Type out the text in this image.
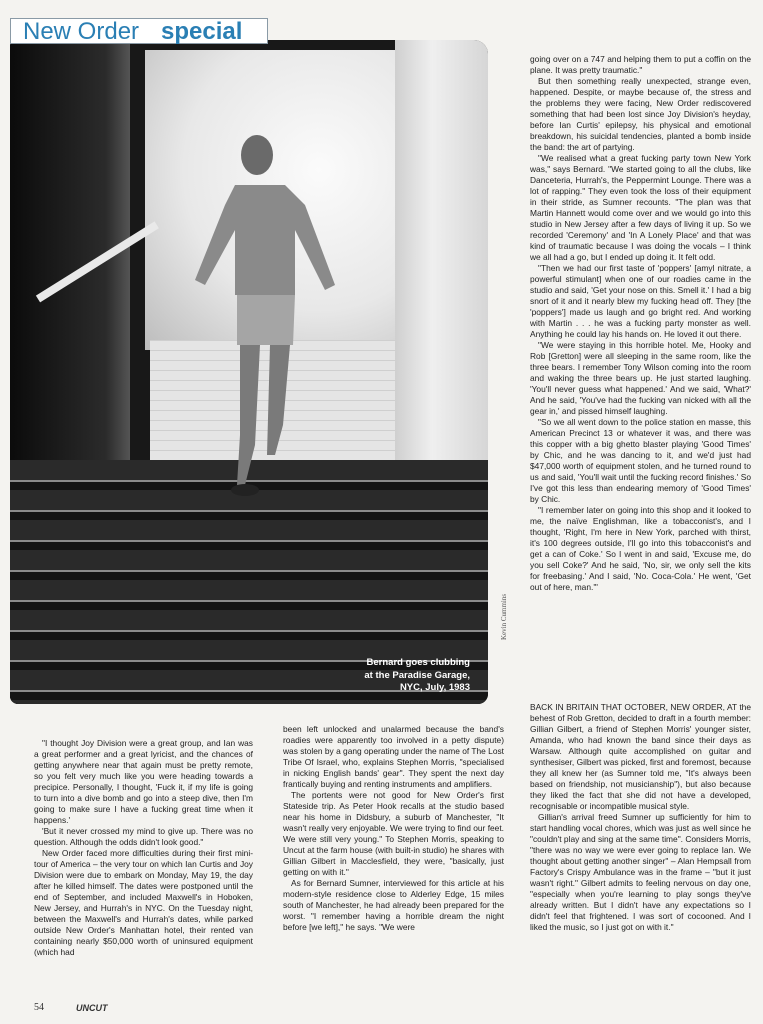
Bernard goes clubbing
at the Paradise Garage,
NYC, July, 1983
New Order special
Kevin Cummins

going over on a 747 and helping them to put a coffin on the plane. It was pretty traumatic."

But then something really unexpected, strange even, happened. Despite, or maybe because of, the stress and the problems they were facing, New Order rediscovered something that had been lost since Joy Division's heyday, before Ian Curtis' epilepsy, his physical and emotional breakdown, his suicidal tendencies, planted a bomb inside the band: the art of partying.

"We realised what a great fucking party town New York was," says Bernard. "We started going to all the clubs, like Danceteria, Hurrah's, the Peppermint Lounge. There was a lot of rapping." They even took the loss of their equipment in their stride, as Sumner recounts. "The plan was that Martin Hannett would come over and we would go into this studio in New Jersey after a few days of living it up. So we recorded 'Ceremony' and 'In A Lonely Place' and that was kind of traumatic because I was doing the vocals – I think we all had a go, but I ended up doing it. It felt odd.

"Then we had our first taste of 'poppers' [amyl nitrate, a powerful stimulant] when one of our roadies came in the studio and said, 'Get your nose on this. Smell it.' I had a big snort of it and it nearly blew my fucking head off. They [the 'poppers'] made us laugh and go bright red. And working with Martin . . . he was a fucking party monster as well. Anything he could lay his hands on. He loved it out there.

"We were staying in this horrible hotel. Me, Hooky and Rob [Gretton] were all sleeping in the same room, like the three bears. I remember Tony Wilson coming into the room and waking the three bears up. He just started laughing. 'You'll never guess what happened.' And we said, 'What?' And he said, 'You've had the fucking van nicked with all the gear in,' and pissed himself laughing.

"So we all went down to the police station en masse, this American Precinct 13 or whatever it was, and there was this copper with a big ghetto blaster playing 'Good Times' by Chic, and he was dancing to it, and we'd just had $47,000 worth of equipment stolen, and he turned round to us and said, 'You'll wait until the fucking record finishes.' So I've got this less than endearing memory of 'Good Times' by Chic.

"I remember later on going into this shop and it looked to me, the naïve Englishman, like a tobacconist's, and I thought, 'Right, I'm here in New York, parched with thirst, it's 100 degrees outside, I'll go into this tobacconist's and get a can of Coke.' So I went in and said, 'Excuse me, do you sell Coke?' And he said, 'No, sir, we only sell the kits for freebasing.' And I said, 'No. Coca-Cola.' He went, 'Get out of here, man.'"

BACK IN BRITAIN THAT OCTOBER, NEW ORDER, AT the behest of Rob Gretton, decided to draft in a fourth member: Gillian Gilbert, a friend of Stephen Morris' younger sister, Amanda, who had known the band since their days as Warsaw. Although quite accomplished on guitar and synthesiser, Gilbert was picked, first and foremost, because they all knew her (as Sumner told me, "It's always been based on friendship, not musicianship"), but also because they liked the fact that she did not have a developed, recognisable or incompatible musical style.

Gillian's arrival freed Sumner up sufficiently for him to start handling vocal chores, which was just as well since he "couldn't play and sing at the same time". Considers Morris, "there was no way we were ever going to replace Ian. We thought about getting another singer" – Alan Hempsall from Factory's Crispy Ambulance was in the frame – "but it just wasn't right." Gilbert admits to feeling nervous on day one, "especially when you're learning to play songs they've already written. But I didn't have any expectations so I didn't feel that frightened. I was sort of cocooned. And I liked the music, so I just got on with it."

"I thought Joy Division were a great group, and Ian was a great performer and a great lyricist, and the chances of getting anywhere near that again must be pretty remote, so you felt very much like you were heading towards a precipice. Personally, I thought, 'Fuck it, if my life is going to turn into a dive bomb and go into a steep dive, then I'm going to make sure I have a fucking great time when it happens.'

'But it never crossed my mind to give up. There was no question. Although the odds didn't look good."

New Order faced more difficulties during their first mini-tour of America – the very tour on which Ian Curtis and Joy Division were due to embark on Monday, May 19, the day after he killed himself. The dates were postponed until the end of September, and included Maxwell's in Hoboken, New Jersey, and Hurrah's in NYC. On the Tuesday night, between the Maxwell's and Hurrah's dates, while parked outside New Order's Manhattan hotel, their rented van containing nearly $50,000 worth of uninsured equipment (which had

been left unlocked and unalarmed because the band's roadies were apparently too involved in a petty dispute) was stolen by a gang operating under the name of The Lost Tribe Of Israel, who, explains Stephen Morris, "specialised in nicking English bands' gear". They spent the next day frantically buying and renting instruments and amplifiers.

The portents were not good for New Order's first Stateside trip. As Peter Hook recalls at the studio based near his home in Didsbury, a suburb of Manchester, "It wasn't really very enjoyable. We were trying to find our feet. We were still very young." To Stephen Morris, speaking to Uncut at the farm house (with built-in studio) he shares with Gillian Gilbert in Macclesfield, they were, "basically, just getting on with it."

As for Bernard Sumner, interviewed for this article at his modern-style residence close to Alderley Edge, 15 miles south of Manchester, he had already been prepared for the worst. "I remember having a horrible dream the night before [we left]," he says. "We were

54	UNCUT
